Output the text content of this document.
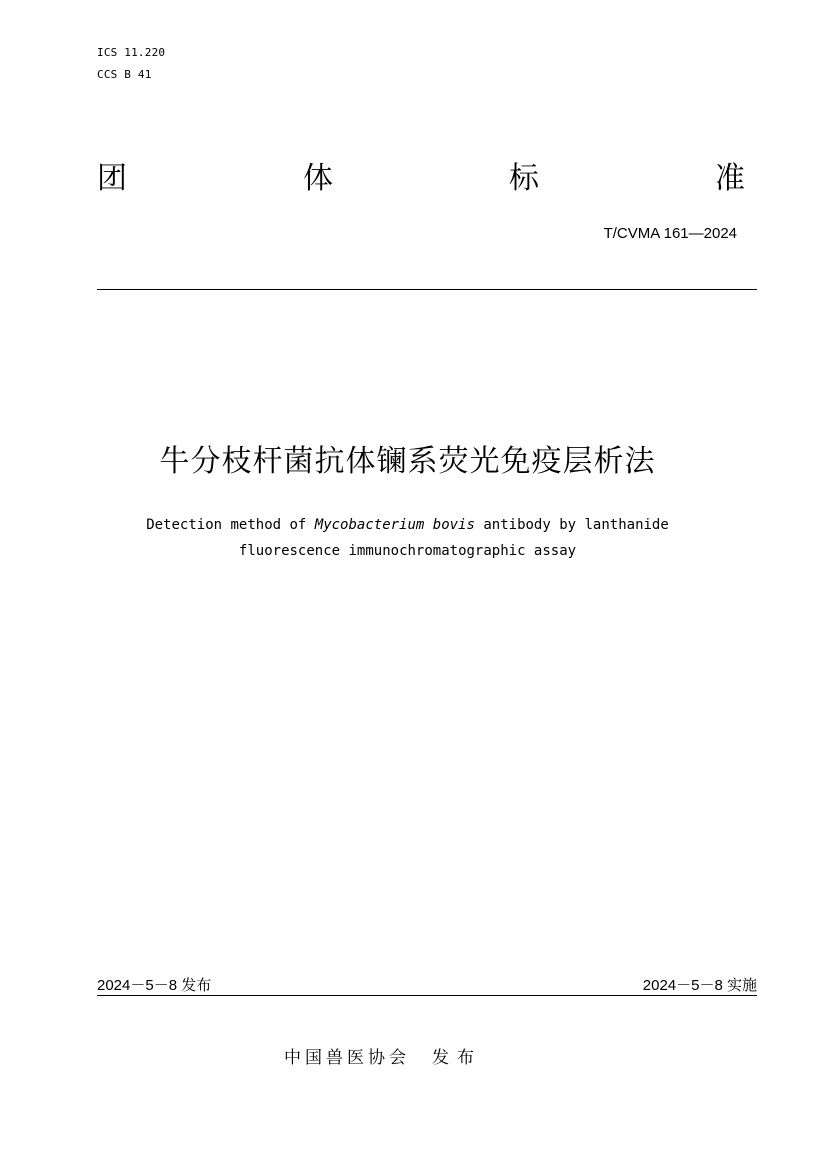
ICS 11.220
CCS B 41
团	体	标	准
T/CVMA 161—2024
牛分枝杆菌抗体镧系荧光免疫层析法
Detection method of Mycobacterium bovis antibody by lanthanide
fluorescence immunochromatographic assay
2024－5－8 发布	2024－5－8 实施
中国兽医协会 发布
